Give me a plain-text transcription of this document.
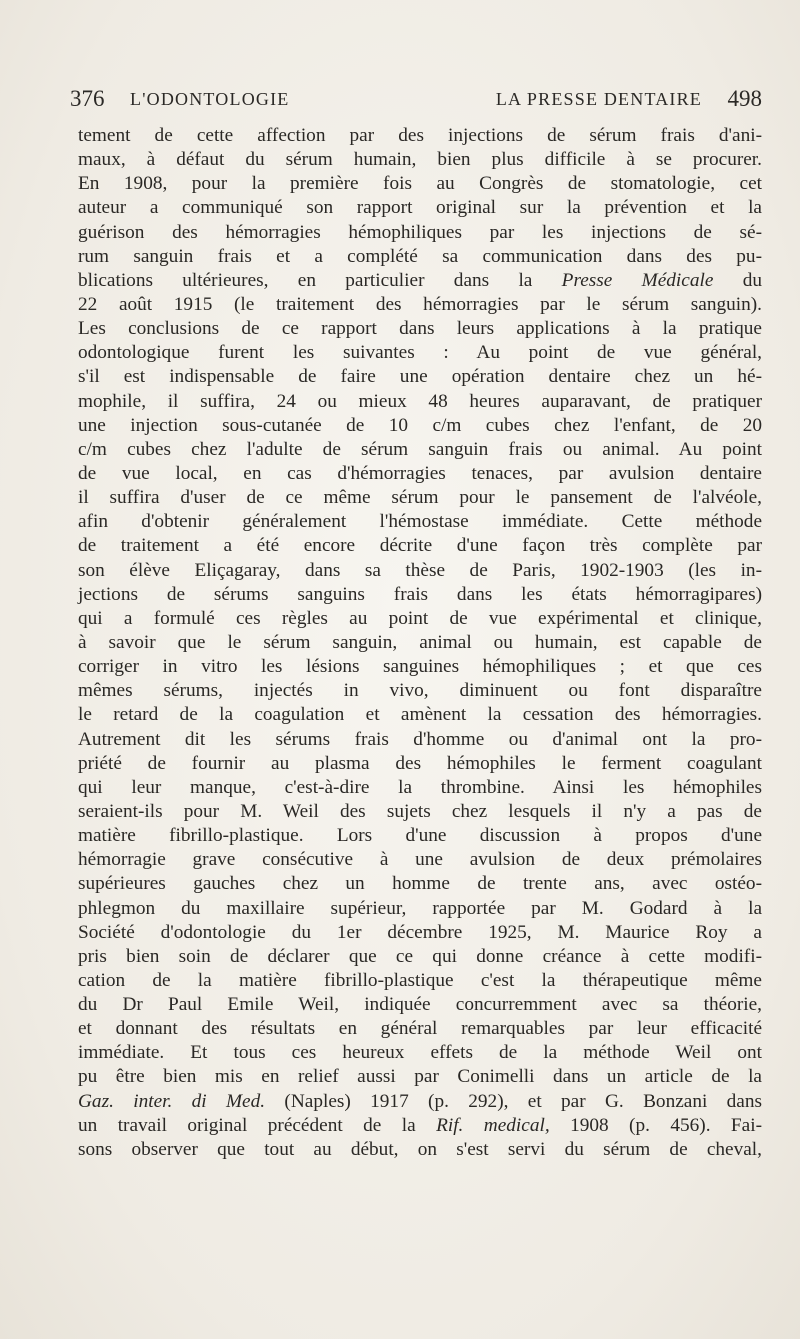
376 L'ODONTOLOGIE	LA PRESSE DENTAIRE 498
tement de cette affection par des injections de sérum frais d'ani-
maux, à défaut du sérum humain, bien plus difficile à se procurer.
En 1908, pour la première fois au Congrès de stomatologie, cet
auteur a communiqué son rapport original sur la prévention et la
guérison des hémorragies hémophiliques par les injections de sé-
rum sanguin frais et a complété sa communication dans des pu-
blications ultérieures, en particulier dans la Presse Médicale du
22 août 1915 (le traitement des hémorragies par le sérum sanguin).
Les conclusions de ce rapport dans leurs applications à la pratique
odontologique furent les suivantes : Au point de vue général,
s'il est indispensable de faire une opération dentaire chez un hé-
mophile, il suffira, 24 ou mieux 48 heures auparavant, de pratiquer
une injection sous-cutanée de 10 c/m cubes chez l'enfant, de 20
c/m cubes chez l'adulte de sérum sanguin frais ou animal. Au point
de vue local, en cas d'hémorragies tenaces, par avulsion dentaire
il suffira d'user de ce même sérum pour le pansement de l'alvéole,
afin d'obtenir généralement l'hémostase immédiate. Cette méthode
de traitement a été encore décrite d'une façon très complète par
son élève Eliçagaray, dans sa thèse de Paris, 1902-1903 (les in-
jections de sérums sanguins frais dans les états hémorragipares)
qui a formulé ces règles au point de vue expérimental et clinique,
à savoir que le sérum sanguin, animal ou humain, est capable de
corriger in vitro les lésions sanguines hémophiliques ; et que ces
mêmes sérums, injectés in vivo, diminuent ou font disparaître
le retard de la coagulation et amènent la cessation des hémorragies.
Autrement dit les sérums frais d'homme ou d'animal ont la pro-
priété de fournir au plasma des hémophiles le ferment coagulant
qui leur manque, c'est-à-dire la thrombine. Ainsi les hémophiles
seraient-ils pour M. Weil des sujets chez lesquels il n'y a pas de
matière fibrillo-plastique. Lors d'une discussion à propos d'une
hémorragie grave consécutive à une avulsion de deux prémolaires
supérieures gauches chez un homme de trente ans, avec ostéo-
phlegmon du maxillaire supérieur, rapportée par M. Godard à la
Société d'odontologie du 1er décembre 1925, M. Maurice Roy a
pris bien soin de déclarer que ce qui donne créance à cette modifi-
cation de la matière fibrillo-plastique c'est la thérapeutique même
du Dr Paul Emile Weil, indiquée concurremment avec sa théorie,
et donnant des résultats en général remarquables par leur efficacité
immédiate. Et tous ces heureux effets de la méthode Weil ont
pu être bien mis en relief aussi par Conimelli dans un article de la
Gaz. inter. di Med. (Naples) 1917 (p. 292), et par G. Bonzani dans
un travail original précédent de la Rif. medical, 1908 (p. 456). Fai-
sons observer que tout au début, on s'est servi du sérum de cheval,
